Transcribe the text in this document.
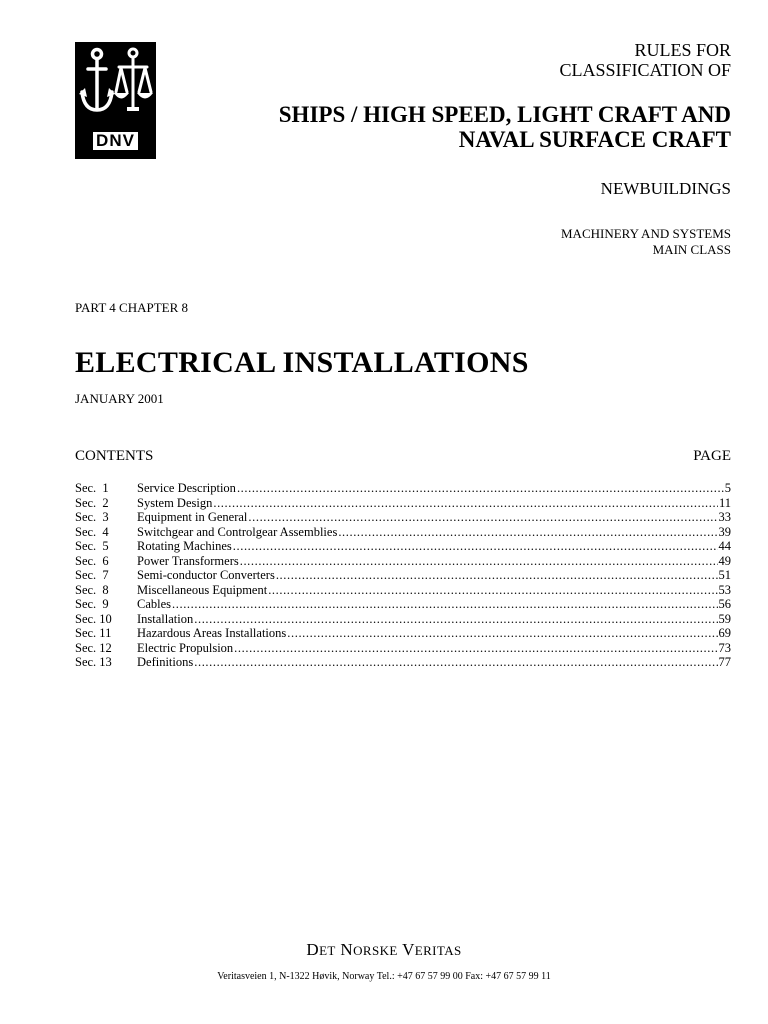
DNV
RULES FOR
CLASSIFICATION OF
SHIPS / HIGH SPEED, LIGHT CRAFT AND
NAVAL SURFACE CRAFT
NEWBUILDINGS
MACHINERY AND SYSTEMS
MAIN CLASS
PART 4 CHAPTER 8
ELECTRICAL INSTALLATIONS
JANUARY 2001
CONTENTS	PAGE
Sec.  1	Service Description .....	5
Sec.  2	System Design .....	11
Sec.  3	Equipment in General .....	33
Sec.  4	Switchgear and Controlgear Assemblies .....	39
Sec.  5	Rotating Machines .....	44
Sec.  6	Power Transformers .....	49
Sec.  7	Semi-conductor Converters .....	51
Sec.  8	Miscellaneous Equipment .....	53
Sec.  9	Cables .....	56
Sec. 10	Installation .....	59
Sec. 11	Hazardous Areas Installations .....	69
Sec. 12	Electric Propulsion .....	73
Sec. 13	Definitions .....	77
DET NORSKE VERITAS
Veritasveien 1, N-1322 Høvik, Norway Tel.: +47 67 57 99 00 Fax: +47 67 57 99 11
